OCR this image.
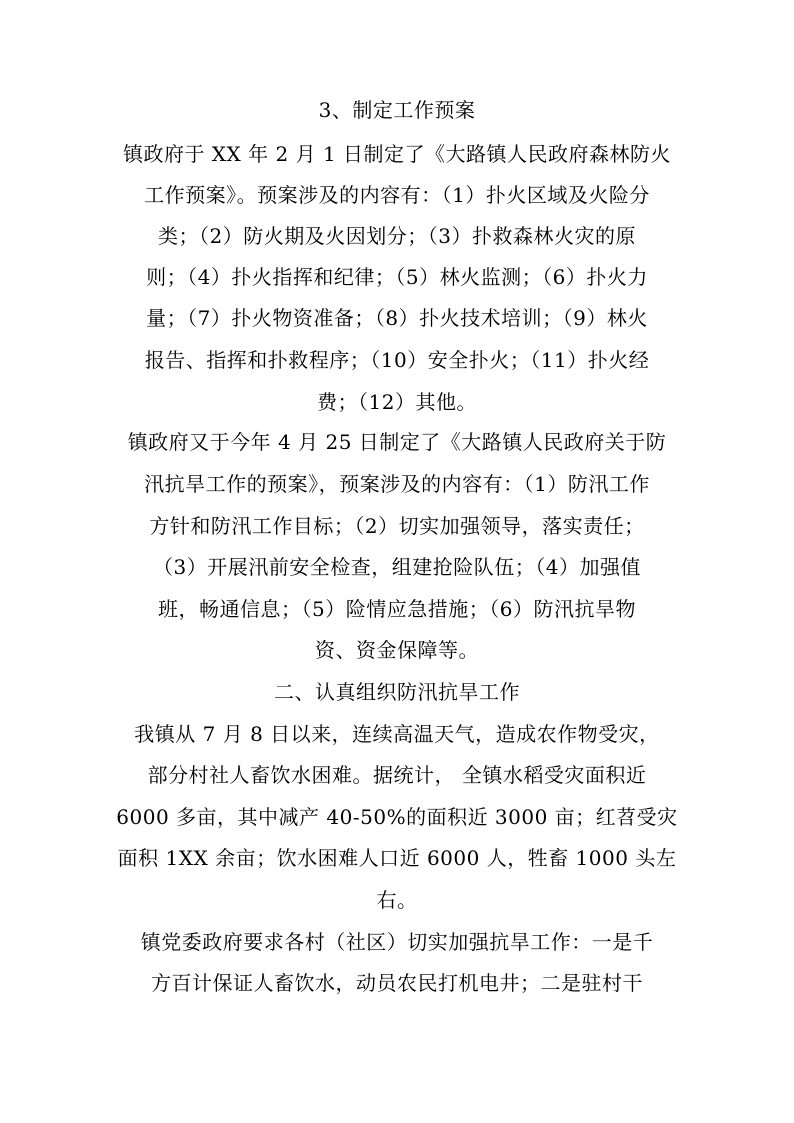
3、制定工作预案
镇政府于 XX 年 2 月 1 日制定了《大路镇人民政府森林防火
工作预案》。预案涉及的内容有：（1）扑火区域及火险分
类；（2）防火期及火因划分；（3）扑救森林火灾的原
则；（4）扑火指挥和纪律；（5）林火监测；（6）扑火力
量；（7）扑火物资准备；（8）扑火技术培训；（9）林火
报告、指挥和扑救程序；（10）安全扑火；（11）扑火经
费；（12）其他。
镇政府又于今年 4 月 25 日制定了《大路镇人民政府关于防
汛抗旱工作的预案》，预案涉及的内容有：（1）防汛工作
方针和防汛工作目标；（2）切实加强领导，落实责任；
（3）开展汛前安全检查，组建抢险队伍；（4）加强值
班，畅通信息；（5）险情应急措施；（6）防汛抗旱物
资、资金保障等。
二、认真组织防汛抗旱工作
我镇从 7 月 8 日以来，连续高温天气，造成农作物受灾，
部分村社人畜饮水困难。据统计， 全镇水稻受灾面积近
6000 多亩，其中减产 40-50%的面积近 3000 亩；红苕受灾
面积 1XX 余亩；饮水困难人口近 6000 人，牲畜 1000 头左
右。
镇党委政府要求各村（社区）切实加强抗旱工作：一是千
方百计保证人畜饮水，动员农民打机电井；二是驻村干
